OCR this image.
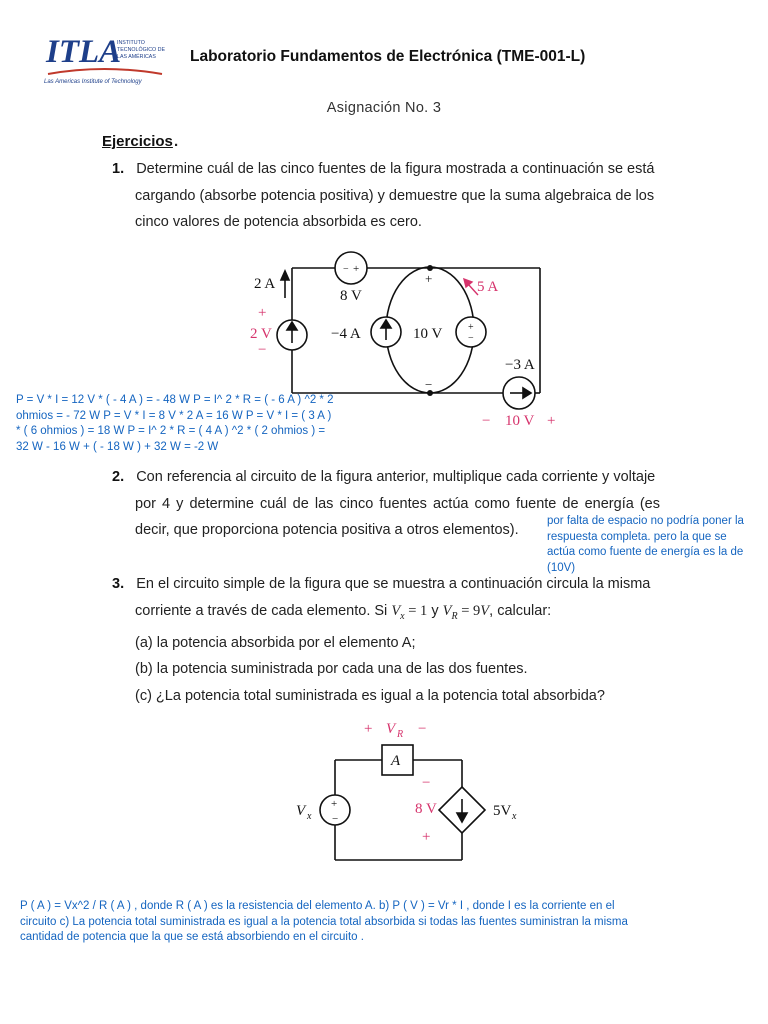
ITLA
INSTITUTO
TECNOLÓGICO DE
LAS AMÉRICAS
Las Americas Institute of Technology
Laboratorio Fundamentos de Electrónica (TME-001-L)
Asignación No. 3
Ejercicios .
1. Determine cuál de las cinco fuentes de la figura mostrada a continuación se está
cargando (absorbe potencia positiva) y demuestre que la suma algebraica de los
cinco valores de potencia absorbida es cero.
2 A
8 V
−4 A	10 V
−3 A
− +
+
−
+
−
+
2 V
−
5 A
− 10 V +
P = V * I = 12 V * ( - 4 A ) = - 48 W P = I^ 2 * R = ( - 6 A ) ^2 * 2 ohmios = - 72 W P = V * I = 8 V * 2 A = 16 W P = V * I = ( 3 A ) * ( 6 ohmios ) = 18 W P = I^ 2 * R = ( 4 A ) ^2 * ( 2 ohmios ) = 32 W - 16 W + ( - 18 W ) + 32 W = -2 W
2. Con referencia al circuito de la figura anterior, multiplique cada corriente y voltaje
por 4 y determine cuál de las cinco fuentes actúa como fuente de energía (es
decir, que proporciona potencia positiva a otros elementos).
por falta de espacio no podría poner la respuesta completa. pero la que se actúa como fuente de energía es la de (10V)
3. En el circuito simple de la figura que se muestra a continuación circula la misma
corriente a través de cada elemento. Si $V_x = 1$ y $V_R = 9V$, calcular:
(a) la potencia absorbida por el elemento A;
(b) la potencia suministrada por cada una de las dos fuentes.
(c) ¿La potencia total suministrada es igual a la potencia total absorbida?
A
V x
+
−	5V x
+ V R −
−
8 V
+
P ( A ) = Vx^2 / R ( A ) , donde R ( A ) es la resistencia del elemento A. b) P ( V ) = Vr * I , donde I es la corriente en el circuito c) La potencia total suministrada es igual a la potencia total absorbida si todas las fuentes suministran la misma cantidad de potencia que la que se está absorbiendo en el circuito .
